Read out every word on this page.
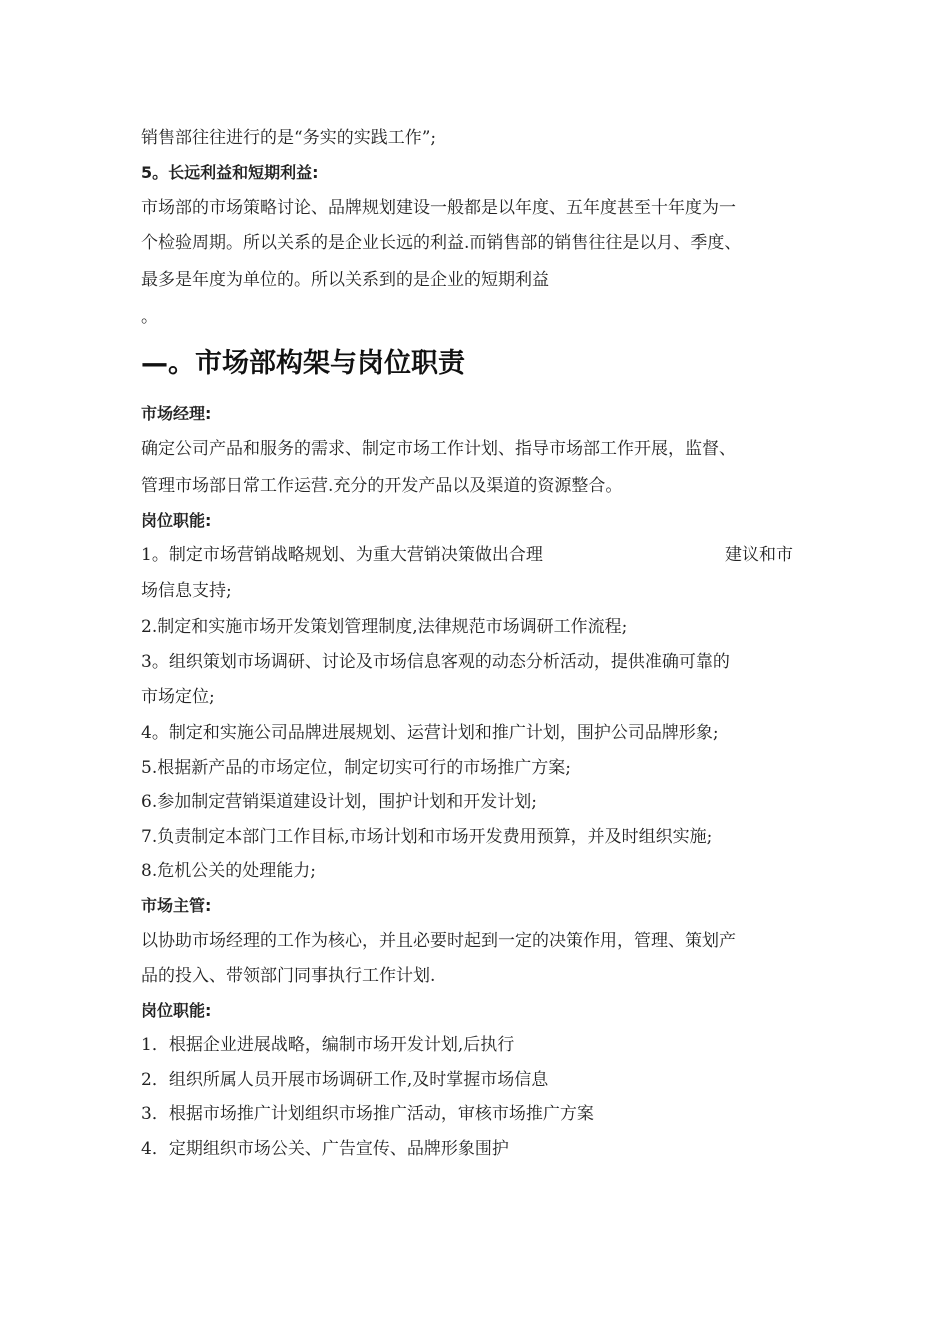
销售部往往进行的是“务实的实践工作”;
5。长远利益和短期利益:
市场部的市场策略讨论、品牌规划建设一般都是以年度、五年度甚至十年度为一
个检验周期。所以关系的是企业长远的利益.而销售部的销售往往是以月、季度、
最多是年度为单位的。所以关系到的是企业的短期利益
。
—。市场部构架与岗位职责
市场经理:
确定公司产品和服务的需求、制定市场工作计划、指导市场部工作开展，监督、
管理市场部日常工作运营.充分的开发产品以及渠道的资源整合。
岗位职能:
1。制定市场营销战略规划、为重大营销决策做出合理	建议和市
场信息支持;
2.制定和实施市场开发策划管理制度,法律规范市场调研工作流程;
3。组织策划市场调研、讨论及市场信息客观的动态分析活动，提供准确可靠的
市场定位;
4。制定和实施公司品牌进展规划、运营计划和推广计划，围护公司品牌形象;
5.根据新产品的市场定位，制定切实可行的市场推广方案;
6.参加制定营销渠道建设计划，围护计划和开发计划;
7.负责制定本部门工作目标,市场计划和市场开发费用预算，并及时组织实施;
8.危机公关的处理能力;
市场主管:
以协助市场经理的工作为核心，并且必要时起到一定的决策作用，管理、策划产
品的投入、带领部门同事执行工作计划.
岗位职能:
1．根据企业进展战略，编制市场开发计划,后执行
2．组织所属人员开展市场调研工作,及时掌握市场信息
3．根据市场推广计划组织市场推广活动，审核市场推广方案
4．定期组织市场公关、广告宣传、品牌形象围护
